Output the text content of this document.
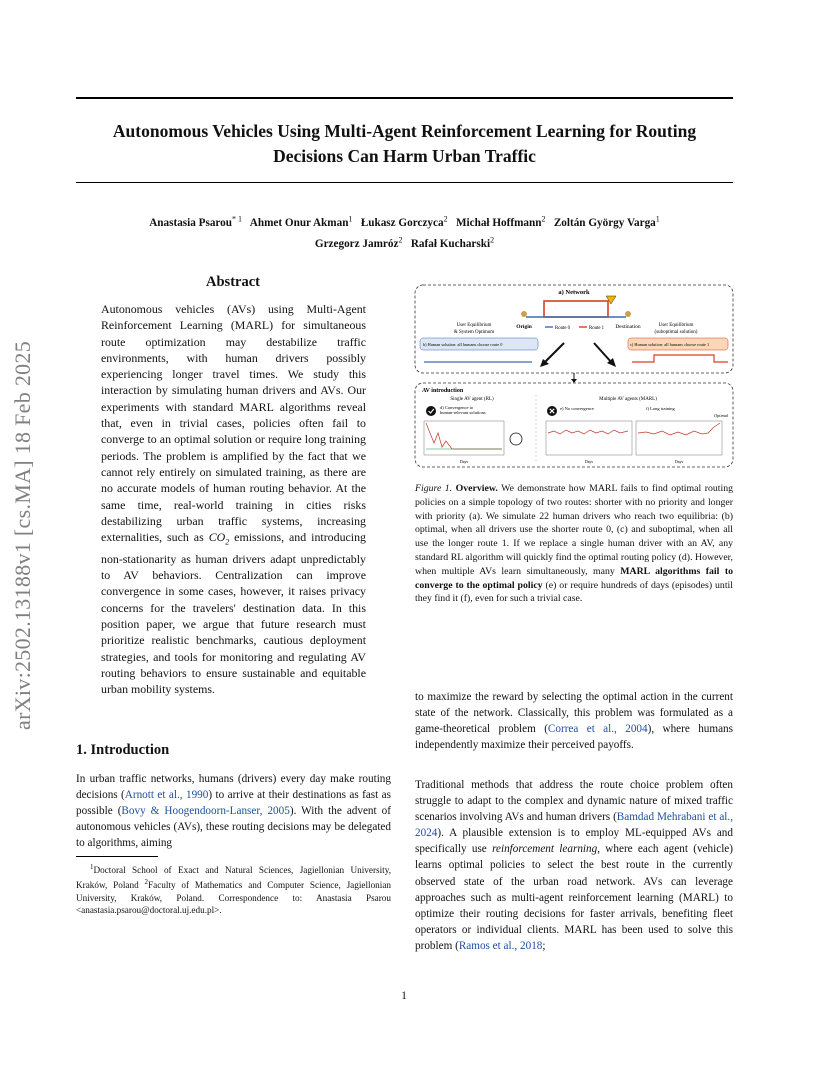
arXiv:2502.13188v1 [cs.MA] 18 Feb 2025
Autonomous Vehicles Using Multi-Agent Reinforcement Learning for Routing Decisions Can Harm Urban Traffic
Anastasia Psarou$^{* 1}$ Ahmet Onur Akman$^1$ Łukasz Gorczyca$^2$ Michał Hoffmann$^2$ Zoltán György Varga$^1$
Grzegorz Jamróz$^2$ Rafał Kucharski$^2$
Abstract
Autonomous vehicles (AVs) using Multi-Agent Reinforcement Learning (MARL) for simultaneous route optimization may destabilize traffic environments, with human drivers possibly experiencing longer travel times. We study this interaction by simulating human drivers and AVs. Our experiments with standard MARL algorithms reveal that, even in trivial cases, policies often fail to converge to an optimal solution or require long training periods. The problem is amplified by the fact that we cannot rely entirely on simulated training, as there are no accurate models of human routing behavior. At the same time, real-world training in cities risks destabilizing urban traffic systems, increasing externalities, such as $CO_2$ emissions, and introducing non-stationarity as human drivers adapt unpredictably to AV behaviors. Centralization can improve convergence in some cases, however, it raises privacy concerns for the travelers' destination data. In this position paper, we argue that future research must prioritize realistic benchmarks, cautious deployment strategies, and tools for monitoring and regulating AV routing behaviors to ensure sustainable and equitable urban mobility systems.
1. Introduction
In urban traffic networks, humans (drivers) every day make routing decisions (Arnott et al., 1990) to arrive at their destinations as fast as possible (Bovy & Hoogendoorn-Lanser, 2005). With the advent of autonomous vehicles (AVs), these routing decisions may be delegated to algorithms, aiming
$^1$Doctoral School of Exact and Natural Sciences, Jagiellonian University, Kraków, Poland $^2$Faculty of Mathematics and Computer Science, Jagiellonian University, Kraków, Poland. Correspondence to: Anastasia Psarou <anastasia.psarou@doctoral.uj.edu.pl>.
a) Network
Origin	Destination
User Equilibrium
& System Optimum
Route 0	Route 1
User Equilibrium
(suboptimal solution)
b) Human solution: all humans choose route 0	c) Human solution: all humans choose route 1
AV introduction
Single AV agent (RL)	Multiple AV agents (MARL)
d) Convergence to
human-relevant solutions
Days
e) No convergence
Days
f) Long training
Days
Optimal
Figure 1. Overview. We demonstrate how MARL fails to find optimal routing policies on a simple topology of two routes: shorter with no priority and longer with priority (a). We simulate 22 human drivers who reach two equilibria: (b) optimal, when all drivers use the shorter route 0, (c) and suboptimal, when all use the longer route 1. If we replace a single human driver with an AV, any standard RL algorithm will quickly find the optimal routing policy (d). However, when multiple AVs learn simultaneously, many MARL algorithms fail to converge to the optimal policy (e) or require hundreds of days (episodes) until they find it (f), even for such a trivial case.
to maximize the reward by selecting the optimal action in the current state of the network. Classically, this problem was formulated as a game-theoretical problem (Correa et al., 2004), where humans independently maximize their perceived payoffs.
Traditional methods that address the route choice problem often struggle to adapt to the complex and dynamic nature of mixed traffic scenarios involving AVs and human drivers (Bamdad Mehrabani et al., 2024). A plausible extension is to employ ML-equipped AVs and specifically use reinforcement learning, where each agent (vehicle) learns optimal policies to select the best route in the currently observed state of the urban road network. AVs can leverage approaches such as multi-agent reinforcement learning (MARL) to optimize their routing decisions for faster arrivals, benefiting fleet operators or individual clients. MARL has been used to solve this problem (Ramos et al., 2018;
1
